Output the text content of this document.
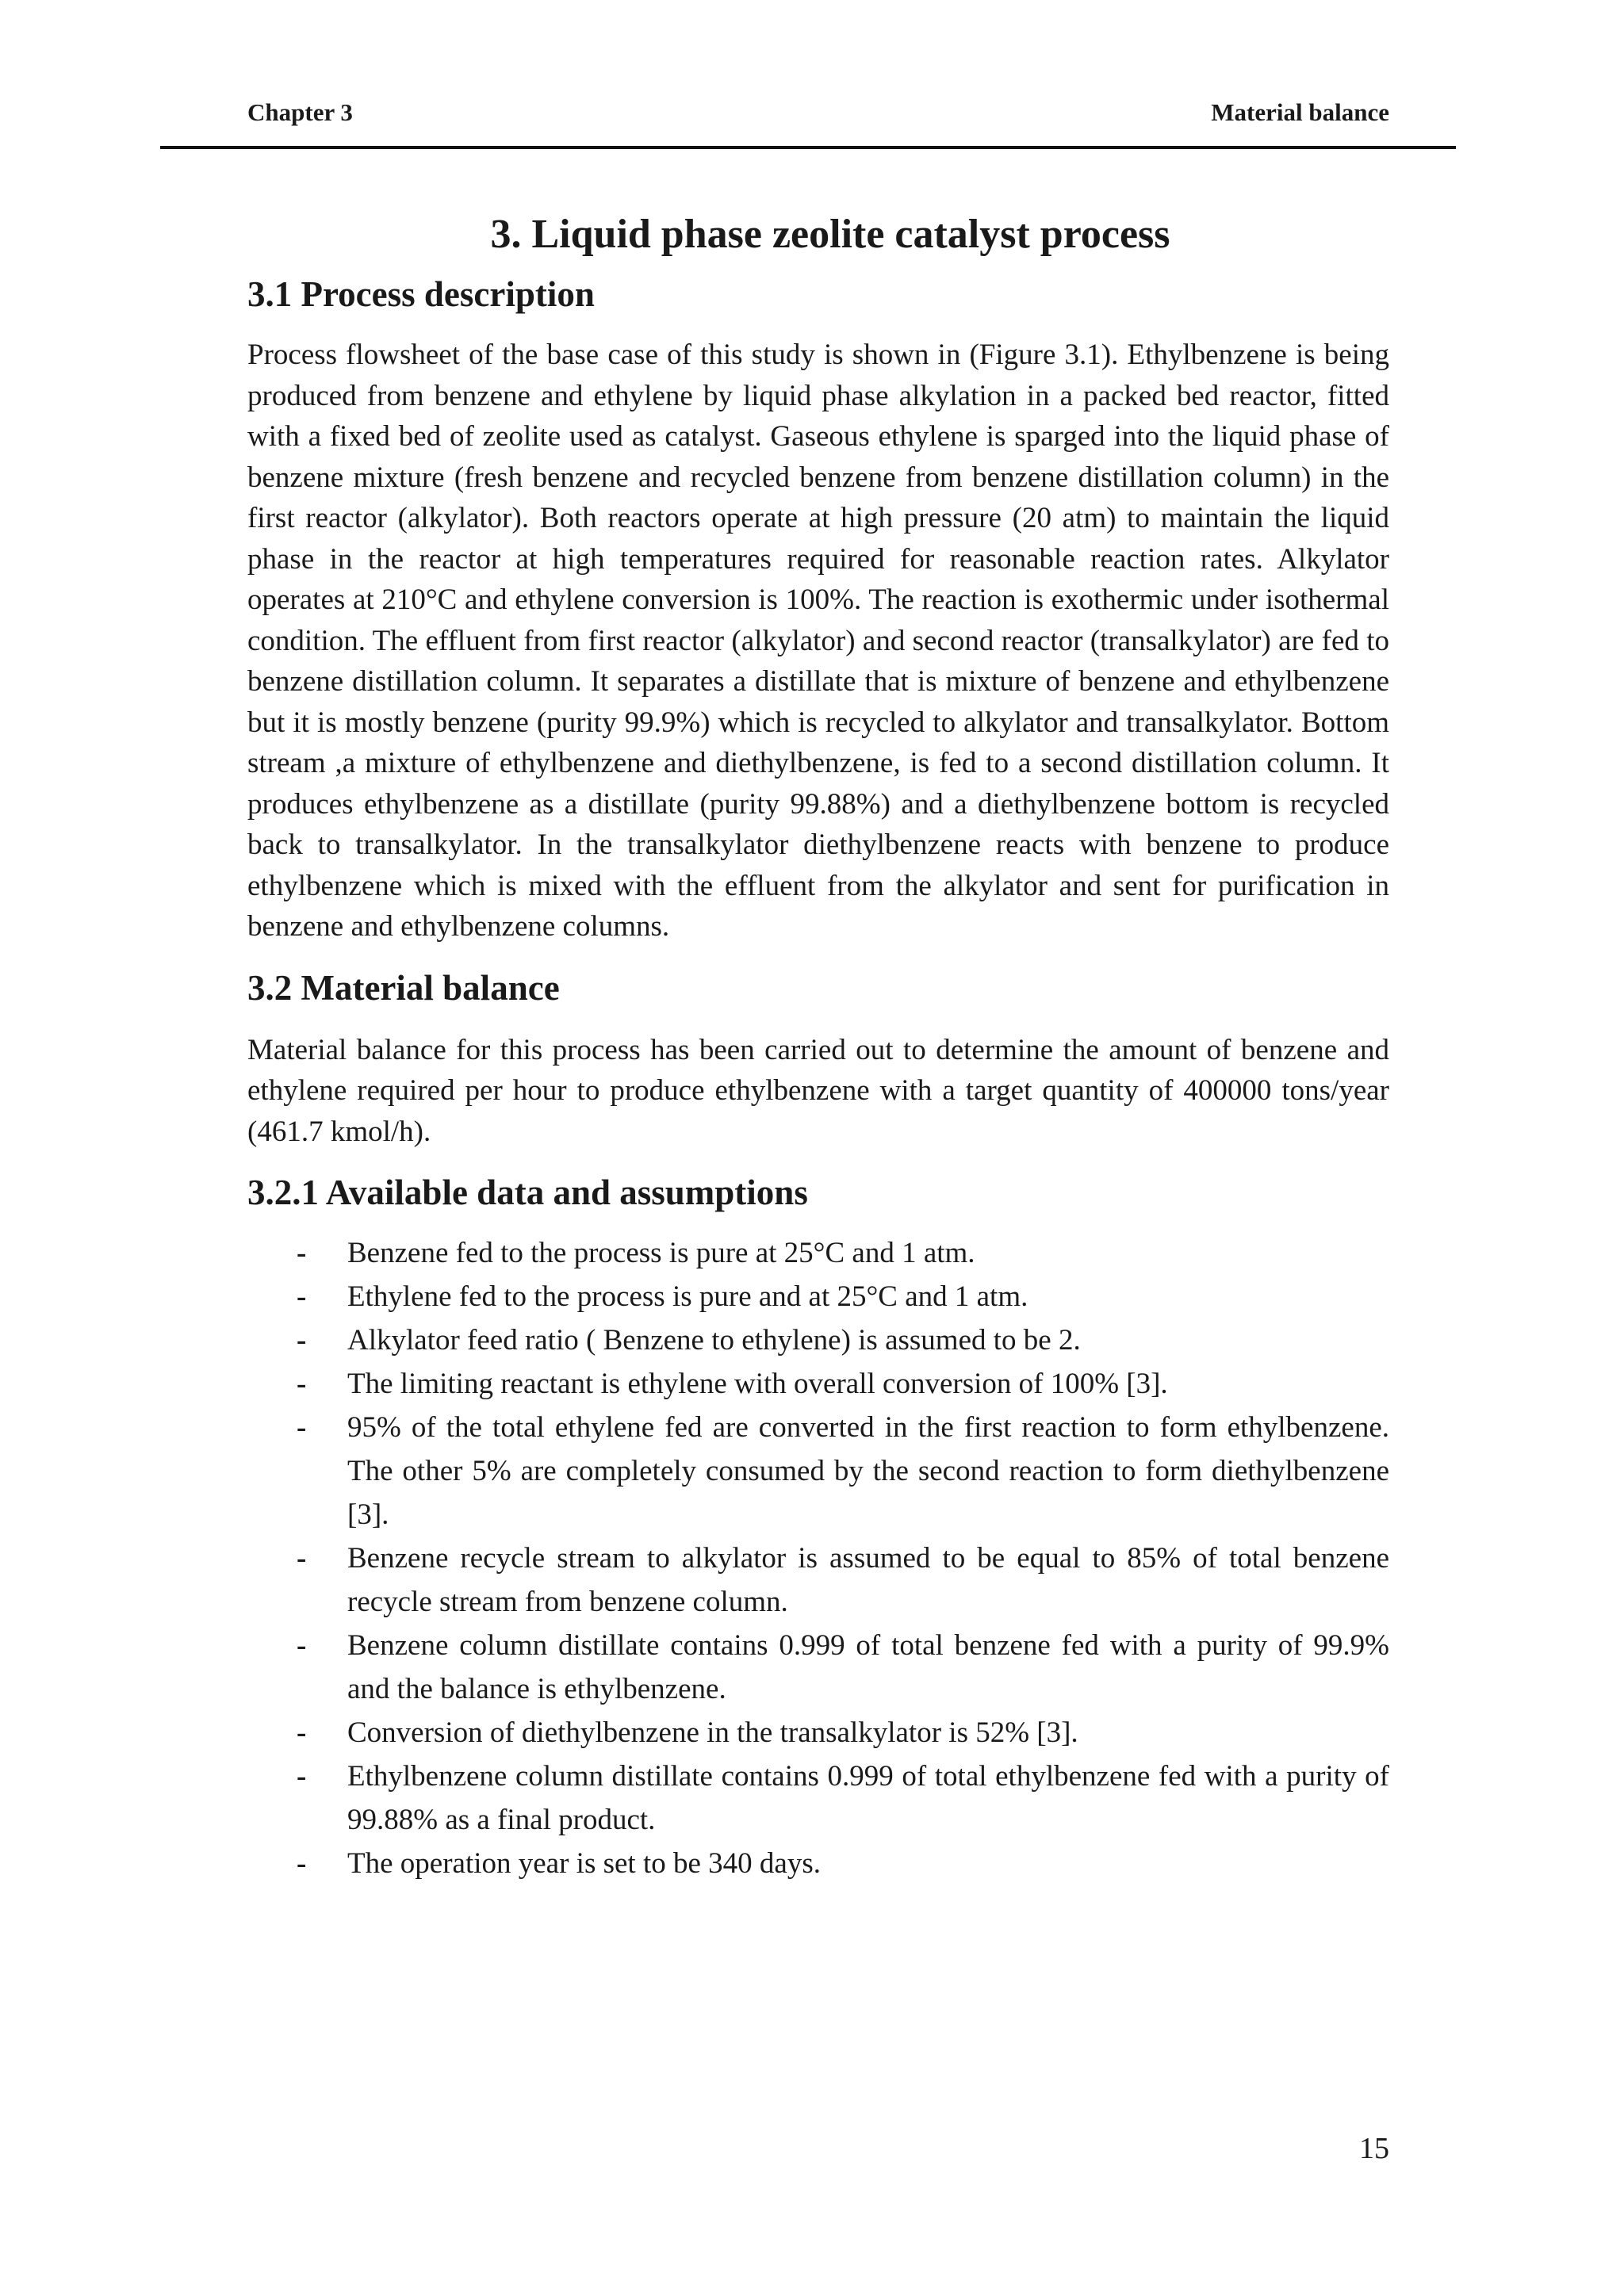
Chapter 3	Material balance
3. Liquid phase zeolite catalyst process
3.1 Process description

Process flowsheet of the base case of this study is shown in (Figure 3.1). Ethylbenzene is being produced from benzene and ethylene by liquid phase alkylation in a packed bed reactor, fitted with a fixed bed of zeolite used as catalyst. Gaseous ethylene is sparged into the liquid phase of benzene mixture (fresh benzene and recycled benzene from benzene distillation column) in the first reactor (alkylator). Both reactors operate at high pressure (20 atm) to maintain the liquid phase in the reactor at high temperatures required for reasonable reaction rates. Alkylator operates at 210°C and ethylene conversion is 100%. The reaction is exothermic under isothermal condition. The effluent from first reactor (alkylator) and second reactor (transalkylator) are fed to benzene distillation column. It separates a distillate that is mixture of benzene and ethylbenzene but it is mostly benzene (purity 99.9%) which is recycled to alkylator and transalkylator. Bottom stream ,a mixture of ethylbenzene and diethylbenzene, is fed to a second distillation column. It produces ethylbenzene as a distillate (purity 99.88%) and a diethylbenzene bottom is recycled back to transalkylator. In the transalkylator diethylbenzene reacts with benzene to produce ethylbenzene which is mixed with the effluent from the alkylator and sent for purification in benzene and ethylbenzene columns.

3.2 Material balance

Material balance for this process has been carried out to determine the amount of benzene and ethylene required per hour to produce ethylbenzene with a target quantity of 400000 tons/year (461.7 kmol/h).

3.2.1 Available data and assumptions
- Benzene fed to the process is pure at 25°C and 1 atm.
- Ethylene fed to the process is pure and at 25°C and 1 atm.
- Alkylator feed ratio ( Benzene to ethylene) is assumed to be 2.
- The limiting reactant is ethylene with overall conversion of 100% [3].
- 95% of the total ethylene fed are converted in the first reaction to form ethylbenzene. The other 5% are completely consumed by the second reaction to form diethylbenzene [3].
- Benzene recycle stream to alkylator is assumed to be equal to 85% of total benzene recycle stream from benzene column.
- Benzene column distillate contains 0.999 of total benzene fed with a purity of 99.9% and the balance is ethylbenzene.
- Conversion of diethylbenzene in the transalkylator is 52% [3].
- Ethylbenzene column distillate contains 0.999 of total ethylbenzene fed with a purity of 99.88% as a final product.
- The operation year is set to be 340 days.
15
